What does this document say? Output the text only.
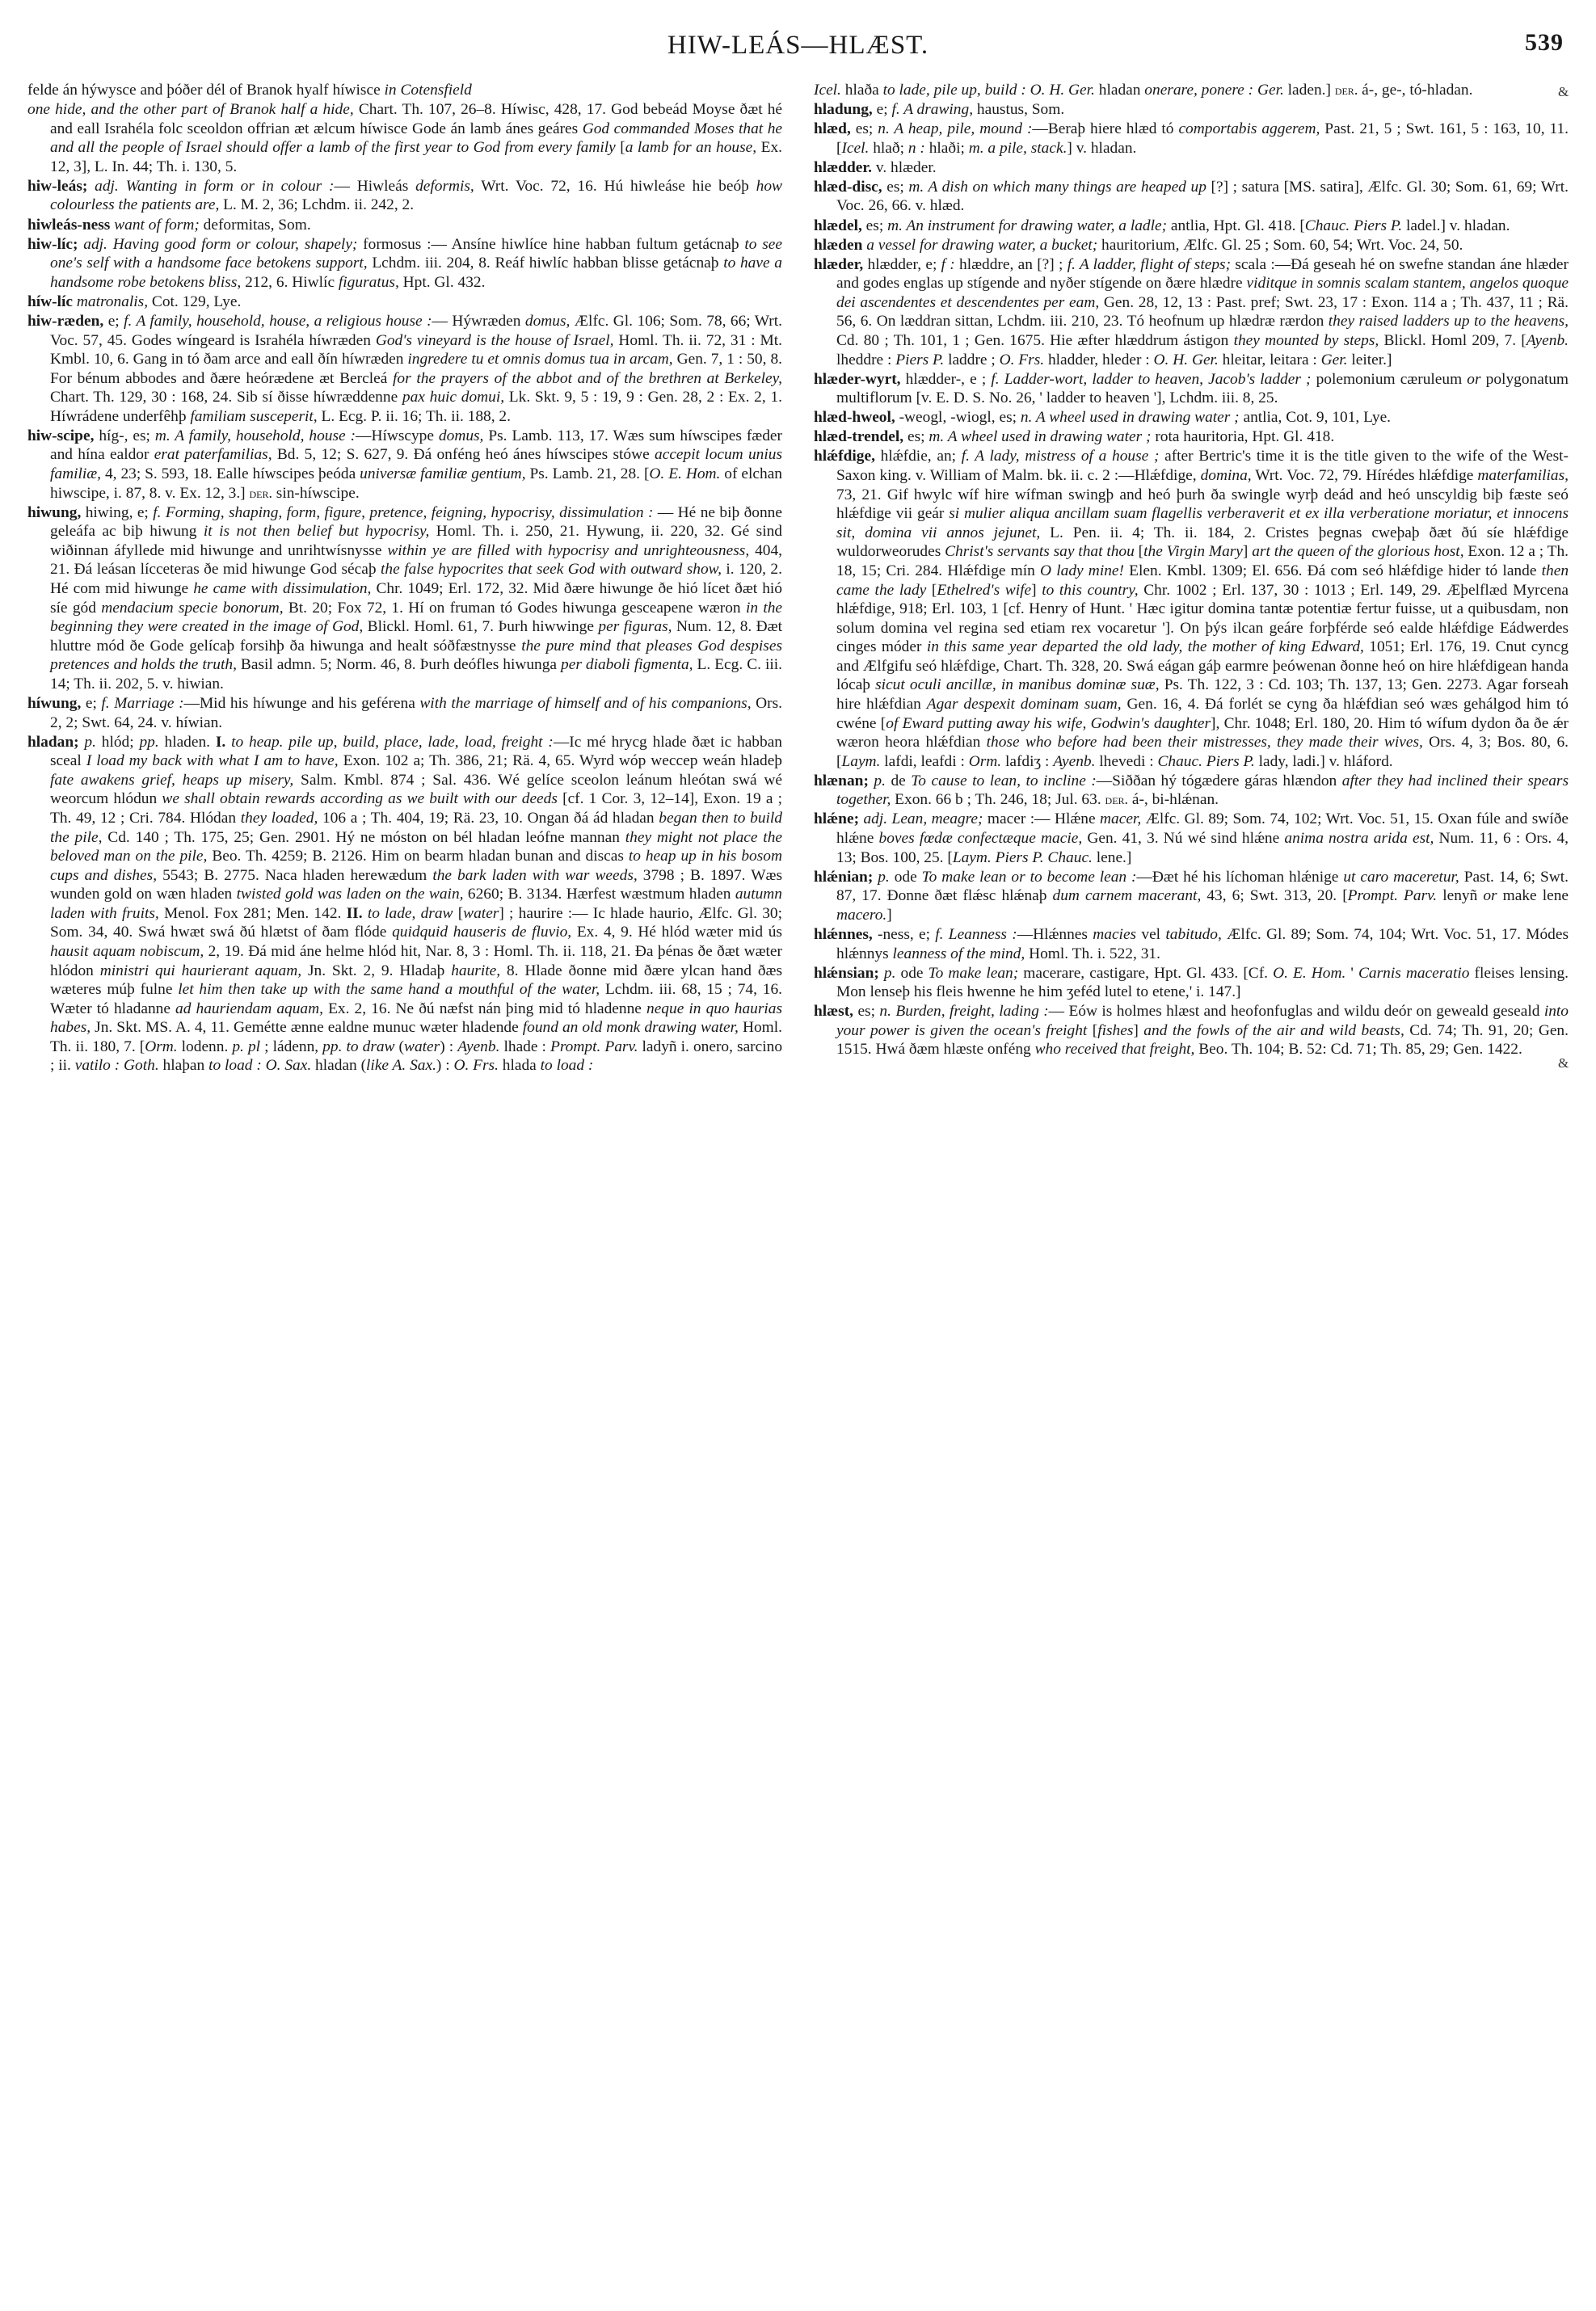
HIW-LEÁS—HLÆST.	539

felde án hýwysce and þóðer dél of Branok hyalf híwisce in Cotensfield

one hide, and the other part of Branok half a hide, Chart. Th. 107, 26–8. Híwisc, 428, 17. God bebeád Moyse ðæt hé and eall Israhéla folc sceoldon offrian æt ælcum híwisce Gode án lamb ánes geáres God commanded Moses that he and all the people of Israel should offer a lamb of the first year to God from every family [a lamb for an house, Ex. 12, 3], L. In. 44; Th. i. 130, 5.

hiw-leás; adj. Wanting in form or in colour :— Hiwleás deformis, Wrt. Voc. 72, 16. Hú hiwleáse hie beóþ how colourless the patients are, L. M. 2, 36; Lchdm. ii. 242, 2.

hiwleás-ness want of form; deformitas, Som.

hiw-líc; adj. Having good form or colour, shapely; formosus :— Ansíne hiwlíce hine habban fultum getácnaþ to see one's self with a handsome face betokens support, Lchdm. iii. 204, 8. Reáf hiwlíc habban blisse getácnaþ to have a handsome robe betokens bliss, 212, 6. Hiwlíc figuratus, Hpt. Gl. 432.

híw-líc matronalis, Cot. 129, Lye.

hiw-ræden, e; f. A family, household, house, a religious house :— Hýwræden domus, Ælfc. Gl. 106; Som. 78, 66; Wrt. Voc. 57, 45. Godes wíngeard is Israhéla híwræden God's vineyard is the house of Israel, Homl. Th. ii. 72, 31 : Mt. Kmbl. 10, 6. Gang in tó ðam arce and eall ðín híwræden ingredere tu et omnis domus tua in arcam, Gen. 7, 1 : 50, 8. For bénum abbodes and ðære heórædene æt Bercleá for the prayers of the abbot and of the brethren at Berkeley, Chart. Th. 129, 30 : 168, 24. Sib sí ðisse híwræddenne pax huic domui, Lk. Skt. 9, 5 : 19, 9 : Gen. 28, 2 : Ex. 2, 1. Híwrádene underfêhþ familiam susceperit, L. Ecg. P. ii. 16; Th. ii. 188, 2.

hiw-scipe, híg-, es; m. A family, household, house :—Híwscype domus, Ps. Lamb. 113, 17. Wæs sum híwscipes fæder and hína ealdor erat paterfamilias, Bd. 5, 12; S. 627, 9. Ðá onféng heó ánes híwscipes stówe accepit locum unius familiæ, 4, 23; S. 593, 18. Ealle híwscipes þeóda universæ familiæ gentium, Ps. Lamb. 21, 28. [O. E. Hom. of elchan hiwscipe, i. 87, 8. v. Ex. 12, 3.] der. sin-híwscipe.

hiwung, hiwing, e; f. Forming, shaping, form, figure, pretence, feigning, hypocrisy, dissimulation : — Hé ne biþ ðonne geleáfa ac biþ hiwung it is not then belief but hypocrisy, Homl. Th. i. 250, 21. Hywung, ii. 220, 32. Gé sind wiðinnan áfyllede mid hiwunge and unrihtwísnysse within ye are filled with hypocrisy and unrighteousness, 404, 21. Ðá leásan lícceteras ðe mid hiwunge God sécaþ the false hypocrites that seek God with outward show, i. 120, 2. Hé com mid hiwunge he came with dissimulation, Chr. 1049; Erl. 172, 32. Mid ðære hiwunge ðe hió lícet ðæt hió síe gód mendacium specie bonorum, Bt. 20; Fox 72, 1. Hí on fruman tó Godes hiwunga gesceapene wæron in the beginning they were created in the image of God, Blickl. Homl. 61, 7. Þurh hiwwinge per figuras, Num. 12, 8. Ðæt hluttre mód ðe Gode gelícaþ forsihþ ða hiwunga and healt sóðfæstnysse the pure mind that pleases God despises pretences and holds the truth, Basil admn. 5; Norm. 46, 8. Þurh deófles hiwunga per diaboli figmenta, L. Ecg. C. iii. 14; Th. ii. 202, 5. v. hiwian.

híwung, e; f. Marriage :—Mid his híwunge and his geférena with the marriage of himself and of his companions, Ors. 2, 2; Swt. 64, 24. v. híwian.

hladan; p. hlód; pp. hladen. I. to heap. pile up, build, place, lade, load, freight :—Ic mé hrycg hlade ðæt ic habban sceal I load my back with what I am to have, Exon. 102 a; Th. 386, 21; Rä. 4, 65. Wyrd wóp weccep weán hladeþ fate awakens grief, heaps up misery, Salm. Kmbl. 874 ; Sal. 436. Wé gelíce sceolon leánum hleótan swá wé weorcum hlódun we shall obtain rewards according as we built with our deeds [cf. 1 Cor. 3, 12–14], Exon. 19 a ; Th. 49, 12 ; Cri. 784. Hlódan they loaded, 106 a ; Th. 404, 19; Rä. 23, 10. Ongan ðá ád hladan began then to build the pile, Cd. 140 ; Th. 175, 25; Gen. 2901. Hý ne móston on bél hladan leófne mannan they might not place the beloved man on the pile, Beo. Th. 4259; B. 2126. Him on bearm hladan bunan and discas to heap up in his bosom cups and dishes, 5543; B. 2775. Naca hladen herewædum the bark laden with war weeds, 3798 ; B. 1897. Wæs wunden gold on wæn hladen twisted gold was laden on the wain, 6260; B. 3134. Hærfest wæstmum hladen autumn laden with fruits, Menol. Fox 281; Men. 142. II. to lade, draw [water] ; haurire :— Ic hlade haurio, Ælfc. Gl. 30; Som. 34, 40. Swá hwæt swá ðú hlætst of ðam flóde quidquid hauseris de fluvio, Ex. 4, 9. Hé hlód wæter mid ús hausit aquam nobiscum, 2, 19. Ðá mid áne helme hlód hit, Nar. 8, 3 : Homl. Th. ii. 118, 21. Ða þénas ðe ðæt wæter hlódon ministri qui haurierant aquam, Jn. Skt. 2, 9. Hladaþ haurite, 8. Hlade ðonne mid ðære ylcan hand ðæs wæteres múþ fulne let him then take up with the same hand a mouthful of the water, Lchdm. iii. 68, 15 ; 74, 16. Wæter tó hladanne ad hauriendam aquam, Ex. 2, 16. Ne ðú næfst nán þing mid tó hladenne neque in quo haurias habes, Jn. Skt. MS. A. 4, 11. Gemétte ænne ealdne munuc wæter hladende found an old monk drawing water, Homl. Th. ii. 180, 7. [Orm. lodenn. p. pl ; ládenn, pp. to draw (water) : Ayenb. lhade : Prompt. Parv. ladyñ i. onero, sarcino ; ii. vatilo : Goth. hlaþan to load : O. Sax. hladan (like A. Sax.) : O. Frs. hlada to load :

&
&

Icel. hlaða to lade, pile up, build : O. H. Ger. hladan onerare, ponere : Ger. laden.] der. á-, ge-, tó-hladan.

hladung, e; f. A drawing, haustus, Som.

hlæd, es; n. A heap, pile, mound :—Beraþ hiere hlæd tó comportabis aggerem, Past. 21, 5 ; Swt. 161, 5 : 163, 10, 11. [Icel. hlað; n : hlaði; m. a pile, stack.] v. hladan.

hlædder. v. hlæder.

hlæd-disc, es; m. A dish on which many things are heaped up [?] ; satura [MS. satira], Ælfc. Gl. 30; Som. 61, 69; Wrt. Voc. 26, 66. v. hlæd.

hlædel, es; m. An instrument for drawing water, a ladle; antlia, Hpt. Gl. 418. [Chauc. Piers P. ladel.] v. hladan.

hlæden a vessel for drawing water, a bucket; hauritorium, Ælfc. Gl. 25 ; Som. 60, 54; Wrt. Voc. 24, 50.

hlæder, hlædder, e; f : hlæddre, an [?] ; f. A ladder, flight of steps; scala :—Ðá geseah hé on swefne standan áne hlæder and godes englas up stígende and nyðer stígende on ðære hlædre viditque in somnis scalam stantem, angelos quoque dei ascendentes et descendentes per eam, Gen. 28, 12, 13 : Past. pref; Swt. 23, 17 : Exon. 114 a ; Th. 437, 11 ; Rä. 56, 6. On læddran sittan, Lchdm. iii. 210, 23. Tó heofnum up hlædræ rærdon they raised ladders up to the heavens, Cd. 80 ; Th. 101, 1 ; Gen. 1675. Hie æfter hlæddrum ástigon they mounted by steps, Blickl. Homl 209, 7. [Ayenb. lheddre : Piers P. laddre ; O. Frs. hladder, hleder : O. H. Ger. hleitar, leitara : Ger. leiter.]

hlæder-wyrt, hlædder-, e ; f. Ladder-wort, ladder to heaven, Jacob's ladder ; polemonium cæruleum or polygonatum multiflorum [v. E. D. S. No. 26, ' ladder to heaven '], Lchdm. iii. 8, 25.

hlæd-hweol, -weogl, -wiogl, es; n. A wheel used in drawing water ; antlia, Cot. 9, 101, Lye.

hlæd-trendel, es; m. A wheel used in drawing water ; rota hauritoria, Hpt. Gl. 418.

hlǽfdige, hlǽfdie, an; f. A lady, mistress of a house ; after Bertric's time it is the title given to the wife of the West-Saxon king. v. William of Malm. bk. ii. c. 2 :—Hlǽfdige, domina, Wrt. Voc. 72, 79. Hírédes hlǽfdige materfamilias, 73, 21. Gif hwylc wíf hire wífman swingþ and heó þurh ða swingle wyrþ deád and heó unscyldig biþ fæste seó hlǽfdige vii geár si mulier aliqua ancillam suam flagellis verberaverit et ex illa verberatione moriatur, et innocens sit, domina vii annos jejunet, L. Pen. ii. 4; Th. ii. 184, 2. Cristes þegnas cweþaþ ðæt ðú síe hlǽfdige wuldorweorudes Christ's servants say that thou [the Virgin Mary] art the queen of the glorious host, Exon. 12 a ; Th. 18, 15; Cri. 284. Hlǽfdige mín O lady mine! Elen. Kmbl. 1309; El. 656. Ðá com seó hlǽfdige hider tó lande then came the lady [Ethelred's wife] to this country, Chr. 1002 ; Erl. 137, 30 : 1013 ; Erl. 149, 29. Æþelflæd Myrcena hlǽfdige, 918; Erl. 103, 1 [cf. Henry of Hunt. ' Hæc igitur domina tantæ potentiæ fertur fuisse, ut a quibusdam, non solum domina vel regina sed etiam rex vocaretur ']. On þýs ilcan geáre forþférde seó ealde hlǽfdige Eádwerdes cinges móder in this same year departed the old lady, the mother of king Edward, 1051; Erl. 176, 19. Cnut cyncg and Ælfgifu seó hlǽfdige, Chart. Th. 328, 20. Swá eágan gáþ earmre þeówenan ðonne heó on hire hlǽfdigean handa lócaþ sicut oculi ancillæ, in manibus dominæ suæ, Ps. Th. 122, 3 : Cd. 103; Th. 137, 13; Gen. 2273. Agar forseah hire hlǽfdian Agar despexit dominam suam, Gen. 16, 4. Ðá forlét se cyng ða hlǽfdian seó wæs gehálgod him tó cwéne [of Eward putting away his wife, Godwin's daughter], Chr. 1048; Erl. 180, 20. Him tó wífum dydon ða ðe ǽr wæron heora hlǽfdian those who before had been their mistresses, they made their wives, Ors. 4, 3; Bos. 80, 6. [Laym. lafdi, leafdi : Orm. lafdiʒ : Ayenb. lhevedi : Chauc. Piers P. lady, ladi.] v. hláford.

hlænan; p. de To cause to lean, to incline :—Siððan hý tógædere gáras hlændon after they had inclined their spears together, Exon. 66 b ; Th. 246, 18; Jul. 63. der. á-, bi-hlǽnan.

hlǽne; adj. Lean, meagre; macer :— Hlǽne macer, Ælfc. Gl. 89; Som. 74, 102; Wrt. Voc. 51, 15. Oxan fúle and swíðe hlǽne boves fœdæ confectæque macie, Gen. 41, 3. Nú wé sind hlǽne anima nostra arida est, Num. 11, 6 : Ors. 4, 13; Bos. 100, 25. [Laym. Piers P. Chauc. lene.]

hlǽnian; p. ode To make lean or to become lean :—Ðæt hé his líchoman hlǽnige ut caro maceretur, Past. 14, 6; Swt. 87, 17. Ðonne ðæt flǽsc hlǽnaþ dum carnem macerant, 43, 6; Swt. 313, 20. [Prompt. Parv. lenyñ or make lene macero.]

hlǽnnes, -ness, e; f. Leanness :—Hlǽnnes macies vel tabitudo, Ælfc. Gl. 89; Som. 74, 104; Wrt. Voc. 51, 17. Módes hlǽnnys leanness of the mind, Homl. Th. i. 522, 31.

hlǽnsian; p. ode To make lean; macerare, castigare, Hpt. Gl. 433. [Cf. O. E. Hom. ' Carnis maceratio fleises lensing. Mon lenseþ his fleis hwenne he him ʒeféd lutel to etene,' i. 147.]

hlæst, es; n. Burden, freight, lading :— Eów is holmes hlæst and heofonfuglas and wildu deór on geweald geseald into your power is given the ocean's freight [fishes] and the fowls of the air and wild beasts, Cd. 74; Th. 91, 20; Gen. 1515. Hwá ðæm hlæste onféng who received that freight, Beo. Th. 104; B. 52: Cd. 71; Th. 85, 29; Gen. 1422.
